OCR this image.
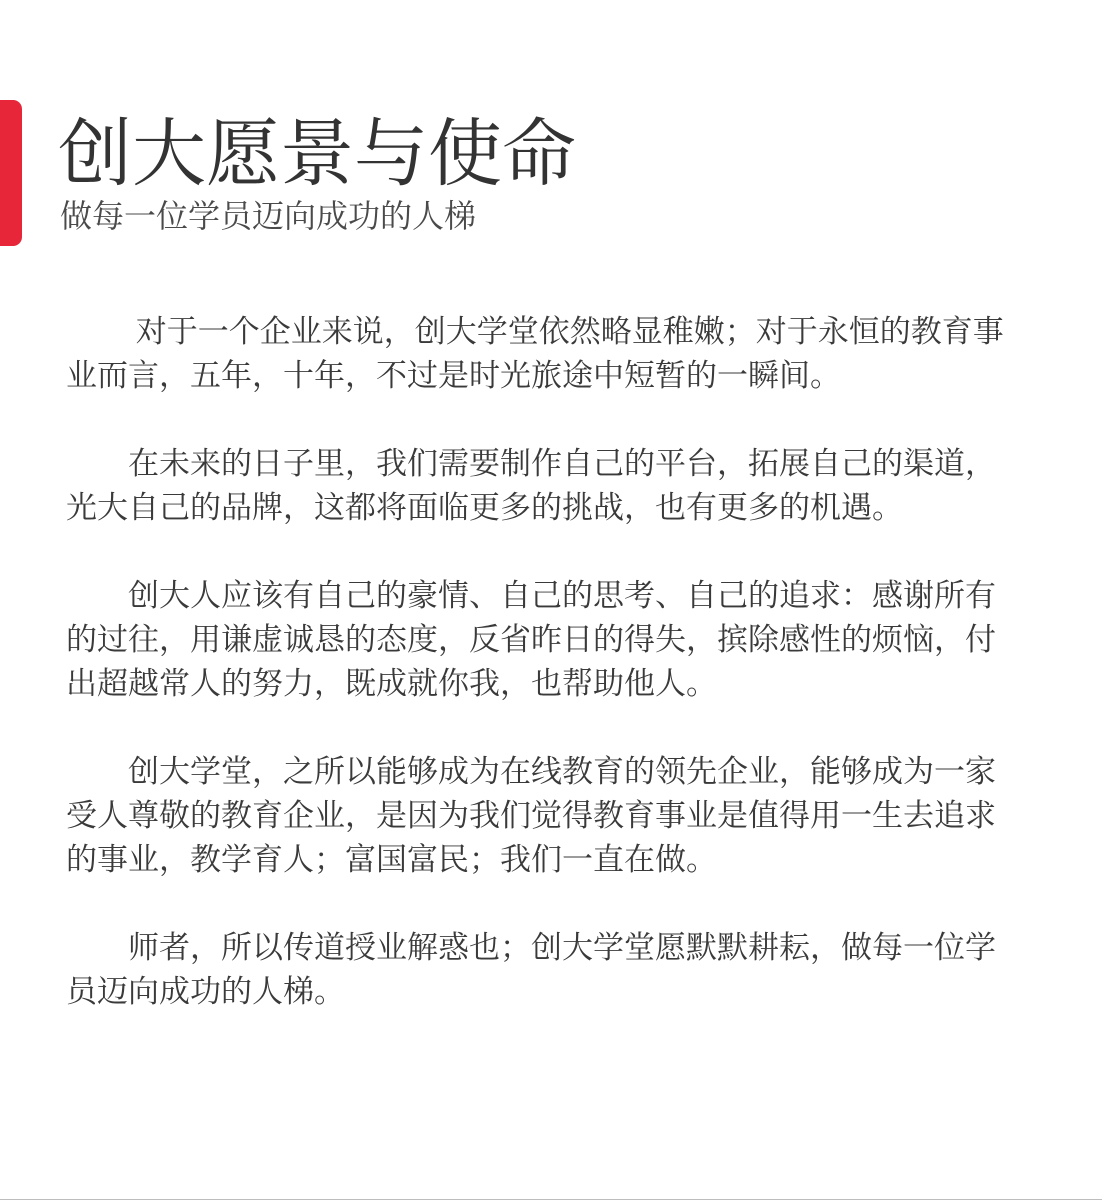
创大愿景与使命

做每一位学员迈向成功的人梯

对于一个企业来说，创大学堂依然略显稚嫩；对于永恒的教育事业而言，五年，十年，不过是时光旅途中短暂的一瞬间。

在未来的日子里，我们需要制作自己的平台，拓展自己的渠道，光大自己的品牌，这都将面临更多的挑战，也有更多的机遇。

创大人应该有自己的豪情、自己的思考、自己的追求：感谢所有的过往，用谦虚诚恳的态度，反省昨日的得失，摈除感性的烦恼，付出超越常人的努力，既成就你我，也帮助他人。

创大学堂，之所以能够成为在线教育的领先企业，能够成为一家受人尊敬的教育企业，是因为我们觉得教育事业是值得用一生去追求的事业，教学育人；富国富民；我们一直在做。

师者，所以传道授业解惑也；创大学堂愿默默耕耘，做每一位学员迈向成功的人梯。
